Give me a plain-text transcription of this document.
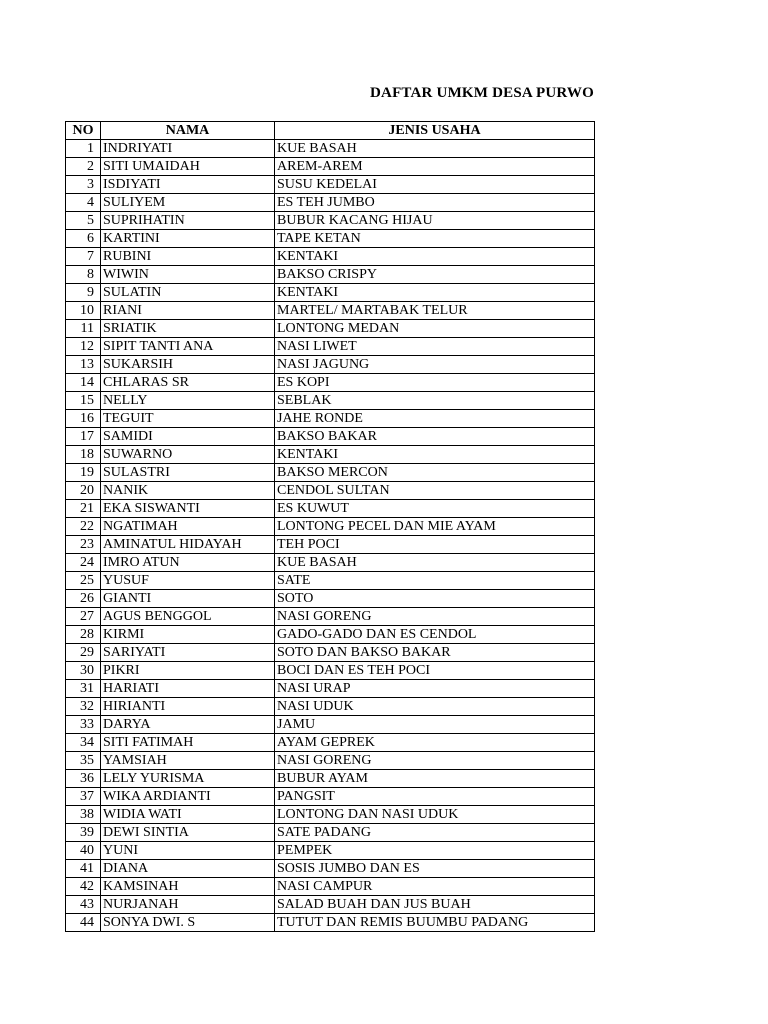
DAFTAR UMKM DESA PURWO
NO	NAMA	JENIS USAHA
1	INDRIYATI	KUE BASAH
2	SITI UMAIDAH	AREM-AREM
3	ISDIYATI	SUSU KEDELAI
4	SULIYEM	ES TEH JUMBO
5	SUPRIHATIN	BUBUR KACANG HIJAU
6	KARTINI	TAPE KETAN
7	RUBINI	KENTAKI
8	WIWIN	BAKSO CRISPY
9	SULATIN	KENTAKI
10	RIANI	MARTEL/ MARTABAK TELUR
11	SRIATIK	LONTONG MEDAN
12	SIPIT TANTI ANA	NASI LIWET
13	SUKARSIH	NASI JAGUNG
14	CHLARAS SR	ES KOPI
15	NELLY	SEBLAK
16	TEGUIT	JAHE RONDE
17	SAMIDI	BAKSO BAKAR
18	SUWARNO	KENTAKI
19	SULASTRI	BAKSO MERCON
20	NANIK	CENDOL SULTAN
21	EKA SISWANTI	ES KUWUT
22	NGATIMAH	LONTONG PECEL DAN MIE AYAM
23	AMINATUL HIDAYAH	TEH POCI
24	IMRO ATUN	KUE BASAH
25	YUSUF	SATE
26	GIANTI	SOTO
27	AGUS BENGGOL	NASI GORENG
28	KIRMI	GADO-GADO DAN ES CENDOL
29	SARIYATI	SOTO DAN BAKSO BAKAR
30	PIKRI	BOCI DAN ES TEH POCI
31	HARIATI	NASI URAP
32	HIRIANTI	NASI UDUK
33	DARYA	JAMU
34	SITI FATIMAH	AYAM GEPREK
35	YAMSIAH	NASI GORENG
36	LELY YURISMA	BUBUR AYAM
37	WIKA ARDIANTI	PANGSIT
38	WIDIA WATI	LONTONG DAN NASI UDUK
39	DEWI SINTIA	SATE PADANG
40	YUNI	PEMPEK
41	DIANA	SOSIS JUMBO DAN ES
42	KAMSINAH	NASI CAMPUR
43	NURJANAH	SALAD BUAH DAN JUS BUAH
44	SONYA DWI. S	TUTUT DAN REMIS BUUMBU PADANG
